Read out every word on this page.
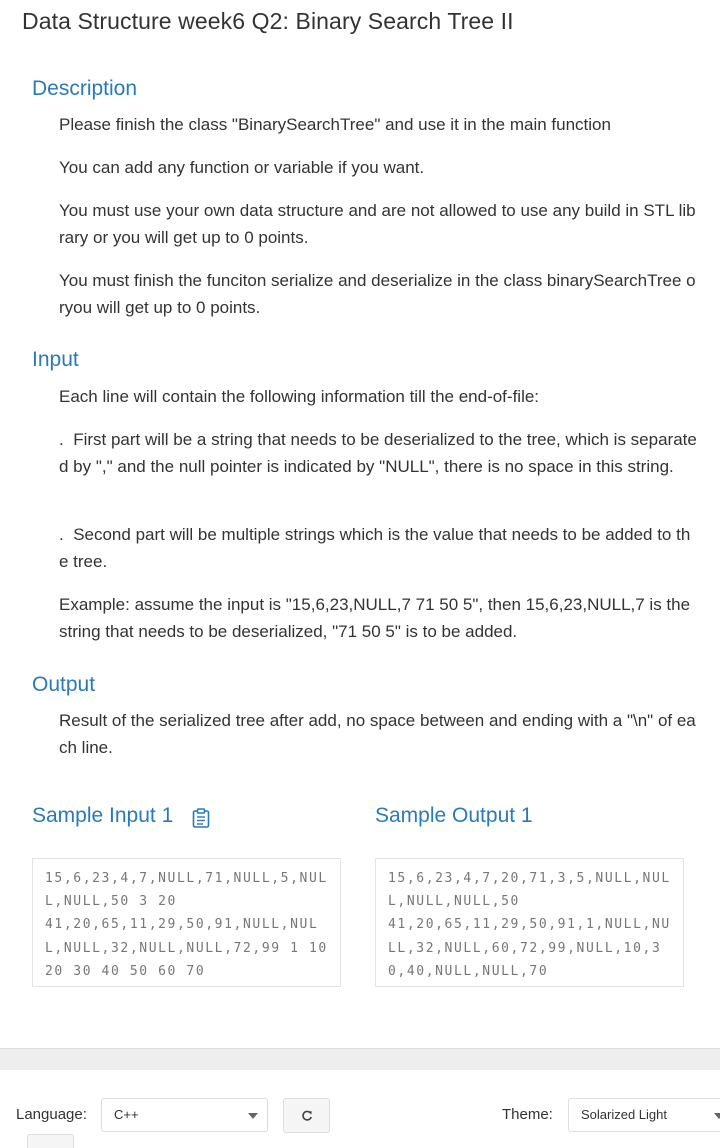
Data Structure week6 Q2: Binary Search Tree II
Description

Please finish the class "BinarySearchTree" and use it in the main function

You can add any function or variable if you want.

You must use your own data structure and are not allowed to use any build in STL library or you will get up to 0 points.

You must finish the funciton serialize and deserialize in the class binarySearchTree oryou will get up to 0 points.

Input

Each line will contain the following information till the end-of-file:

. First part will be a string that needs to be deserialized to the tree, which is separated by "," and the null pointer is indicated by "NULL", there is no space in this string.

. Second part will be multiple strings which is the value that needs to be added to the tree.

Example: assume the input is "15,6,23,NULL,7 71 50 5", then 15,6,23,NULL,7 is the string that needs to be deserialized, "71 50 5" is to be added.

Output

Result of the serialized tree after add, no space between and ending with a "\n" of each line.

Sample Input 1	Sample Output 1
15,6,23,4,7,NULL,71,NULL,5,NULL,NULL,50 3 20
41,20,65,11,29,50,91,NULL,NULL,NULL,32,NULL,NULL,72,99 1 10 20 30 40 50 60 70
15,6,23,4,7,20,71,3,5,NULL,NULL,NULL,NULL,50
41,20,65,11,29,50,91,1,NULL,NULL,32,NULL,60,72,99,NULL,10,30,40,NULL,NULL,70
Language:	C++	Theme:	Solarized Light
